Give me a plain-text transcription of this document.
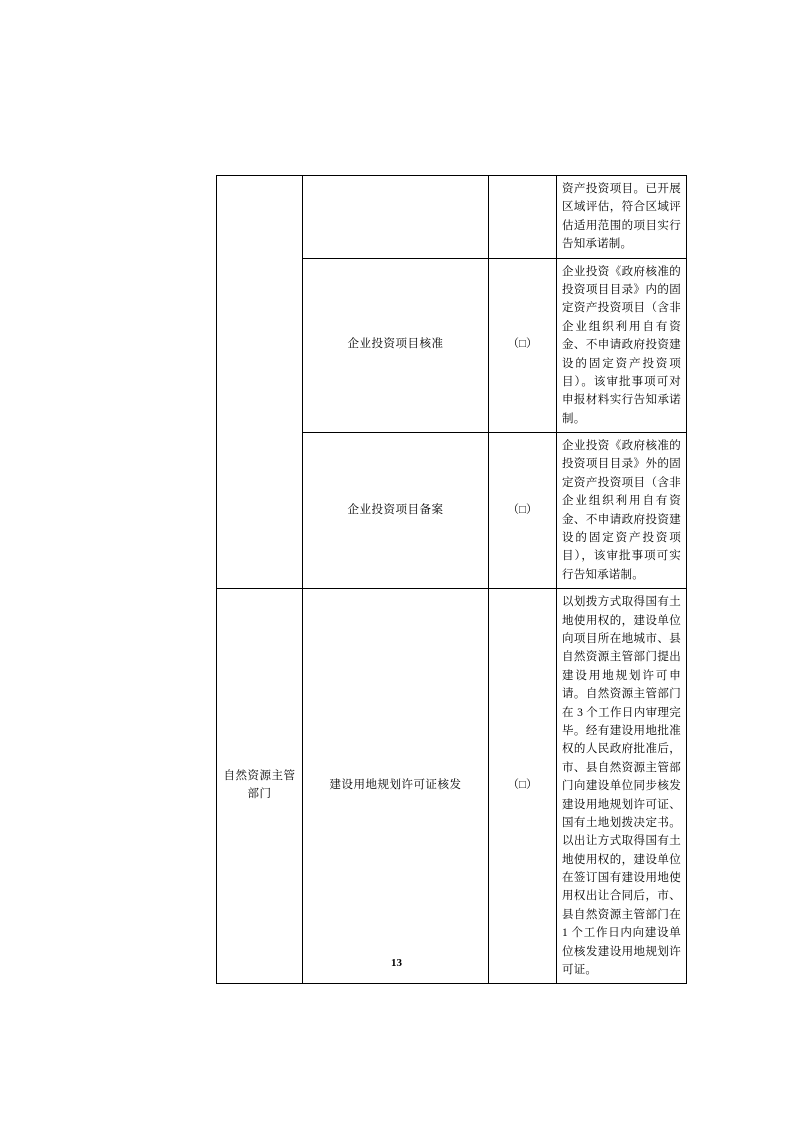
			资产投资项目。已开展区域评估，符合区域评估适用范围的项目实行告知承诺制。
	企业投资项目核准	（□）	企业投资《政府核准的投资项目目录》内的固定资产投资项目（含非企业组织利用自有资金、不申请政府投资建设的固定资产投资项目）。该审批事项可对申报材料实行告知承诺制。
	企业投资项目备案	（□）	企业投资《政府核准的投资项目目录》外的固定资产投资项目（含非企业组织利用自有资金、不申请政府投资建设的固定资产投资项目），该审批事项可实行告知承诺制。
自然资源主管部门	建设用地规划许可证核发	（□）	以划拨方式取得国有土地使用权的，建设单位向项目所在地城市、县自然资源主管部门提出建设用地规划许可申请。自然资源主管部门在 3 个工作日内审理完毕。经有建设用地批准权的人民政府批准后，市、县自然资源主管部门向建设单位同步核发建设用地规划许可证、国有土地划拨决定书。以出让方式取得国有土地使用权的，建设单位在签订国有建设用地使用权出让合同后，市、县自然资源主管部门在 1 个工作日内向建设单位核发建设用地规划许可证。
13
